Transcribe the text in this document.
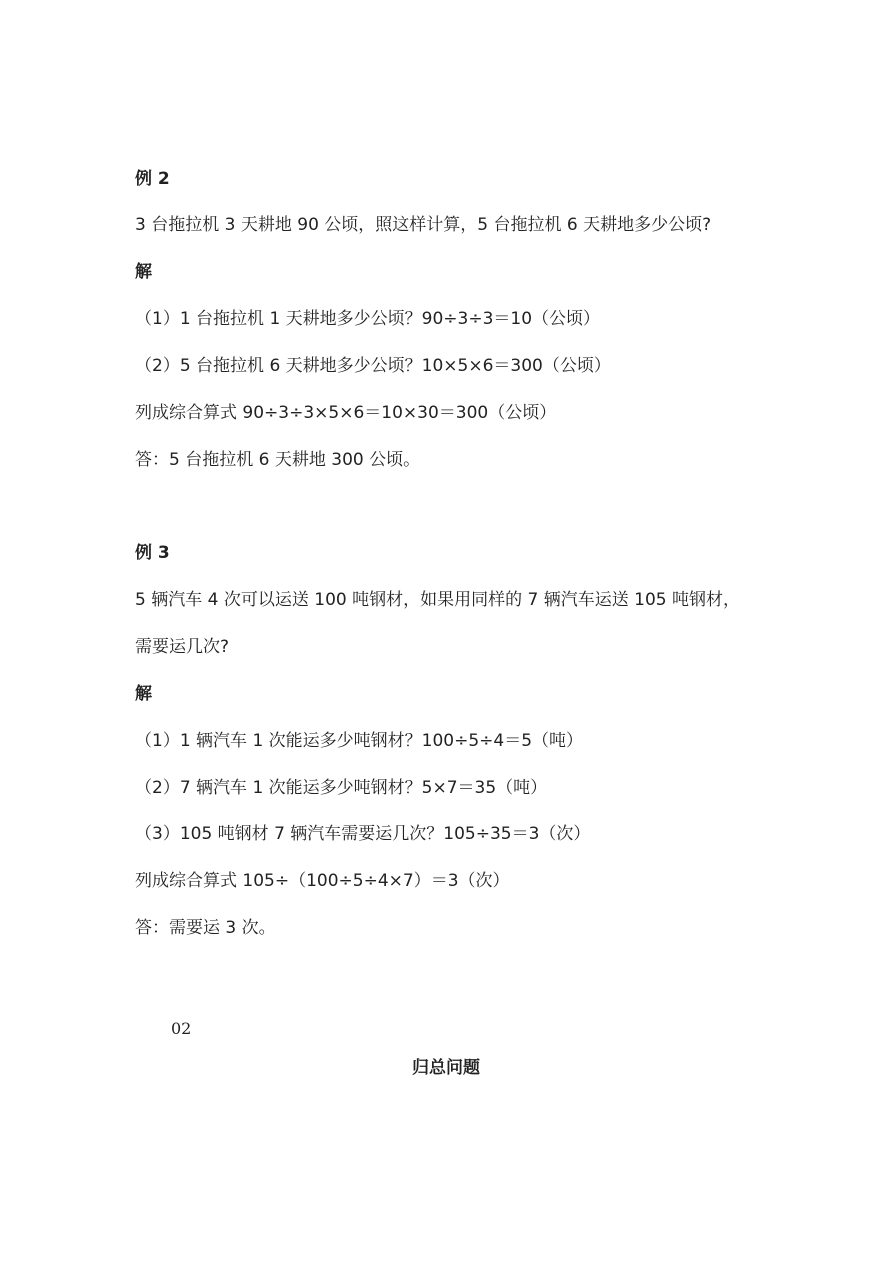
例 2
3 台拖拉机 3 天耕地 90 公顷，照这样计算，5 台拖拉机 6 天耕地多少公顷?
解
（1）1 台拖拉机 1 天耕地多少公顷？90÷3÷3＝10（公顷）
（2）5 台拖拉机 6 天耕地多少公顷？10×5×6＝300（公顷）
列成综合算式 90÷3÷3×5×6＝10×30＝300（公顷）
答：5 台拖拉机 6 天耕地 300 公顷。
例 3
5 辆汽车 4 次可以运送 100 吨钢材，如果用同样的 7 辆汽车运送 105 吨钢材，
需要运几次?
解
（1）1 辆汽车 1 次能运多少吨钢材？100÷5÷4＝5（吨）
（2）7 辆汽车 1 次能运多少吨钢材？5×7＝35（吨）
（3）105 吨钢材 7 辆汽车需要运几次？105÷35＝3（次）
列成综合算式 105÷（100÷5÷4×7）＝3（次）
答：需要运 3 次。
02
归总问题
